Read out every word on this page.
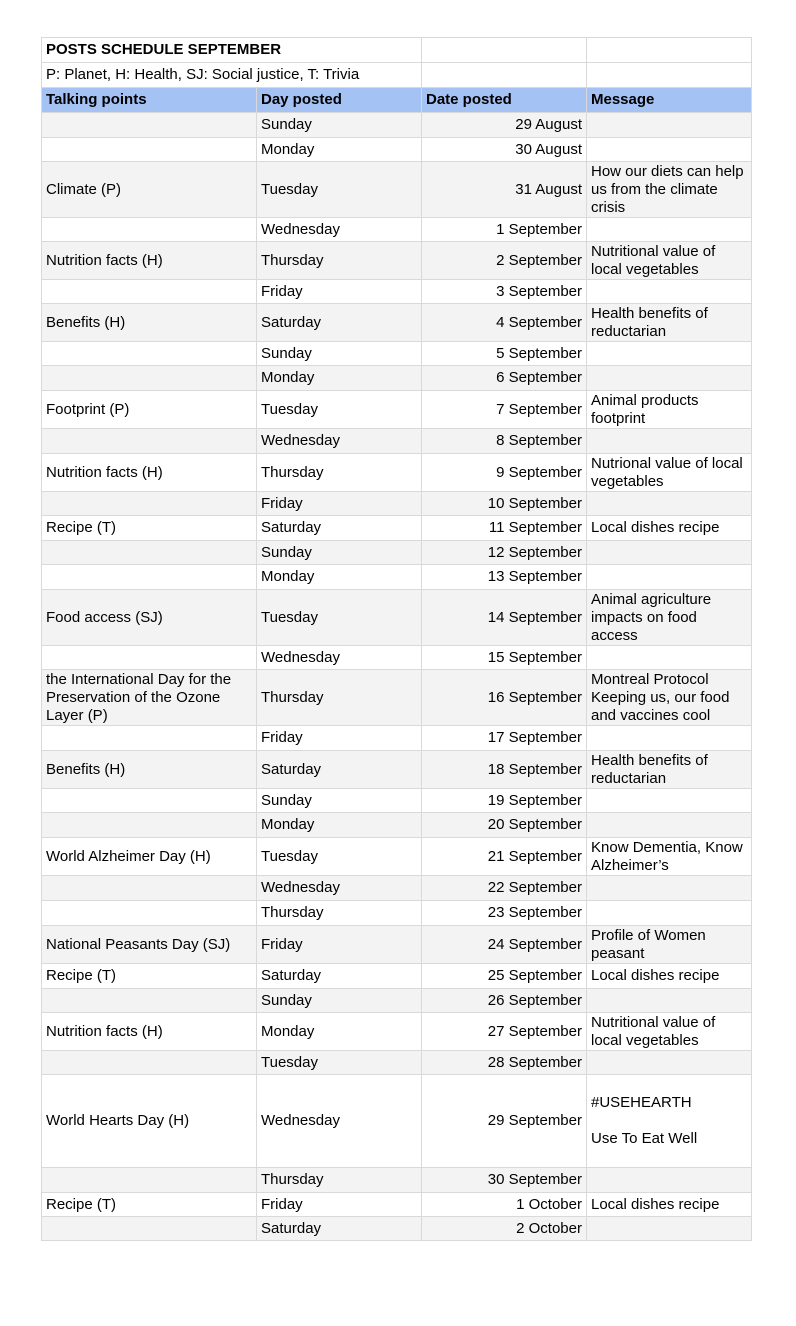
POSTS SCHEDULE SEPTEMBER			
P: Planet, H: Health, SJ: Social justice, T: Trivia			
Talking points	Day posted	Date posted	Message
	Sunday	29 August	
	Monday	30 August	
Climate (P)	Tuesday	31 August	How our diets can help us from the climate crisis
	Wednesday	1 September	
Nutrition facts (H)	Thursday	2 September	Nutritional value of local vegetables
	Friday	3 September	
Benefits (H)	Saturday	4 September	Health benefits of reductarian
	Sunday	5 September	
	Monday	6 September	
Footprint (P)	Tuesday	7 September	Animal products footprint
	Wednesday	8 September	
Nutrition facts (H)	Thursday	9 September	Nutrional value of local vegetables
	Friday	10 September	
Recipe (T)	Saturday	11 September	Local dishes recipe
	Sunday	12 September	
	Monday	13 September	
Food access (SJ)	Tuesday	14 September	Animal agriculture impacts on food access
	Wednesday	15 September	
the International Day for the Preservation of the Ozone Layer (P)	Thursday	16 September	Montreal Protocol Keeping us, our food and vaccines cool
	Friday	17 September	
Benefits (H)	Saturday	18 September	Health benefits of reductarian
	Sunday	19 September	
	Monday	20 September	
World Alzheimer Day (H)	Tuesday	21 September	Know Dementia, Know Alzheimer’s
	Wednesday	22 September	
	Thursday	23 September	
National Peasants Day (SJ)	Friday	24 September	Profile of Women peasant
Recipe (T)	Saturday	25 September	Local dishes recipe
	Sunday	26 September	
Nutrition facts (H)	Monday	27 September	Nutritional value of local vegetables
	Tuesday	28 September	
World Hearts Day (H)	Wednesday	29 September	#USEHEARTH

Use To Eat Well
	Thursday	30 September	
Recipe (T)	Friday	1 October	Local dishes recipe
	Saturday	2 October	
